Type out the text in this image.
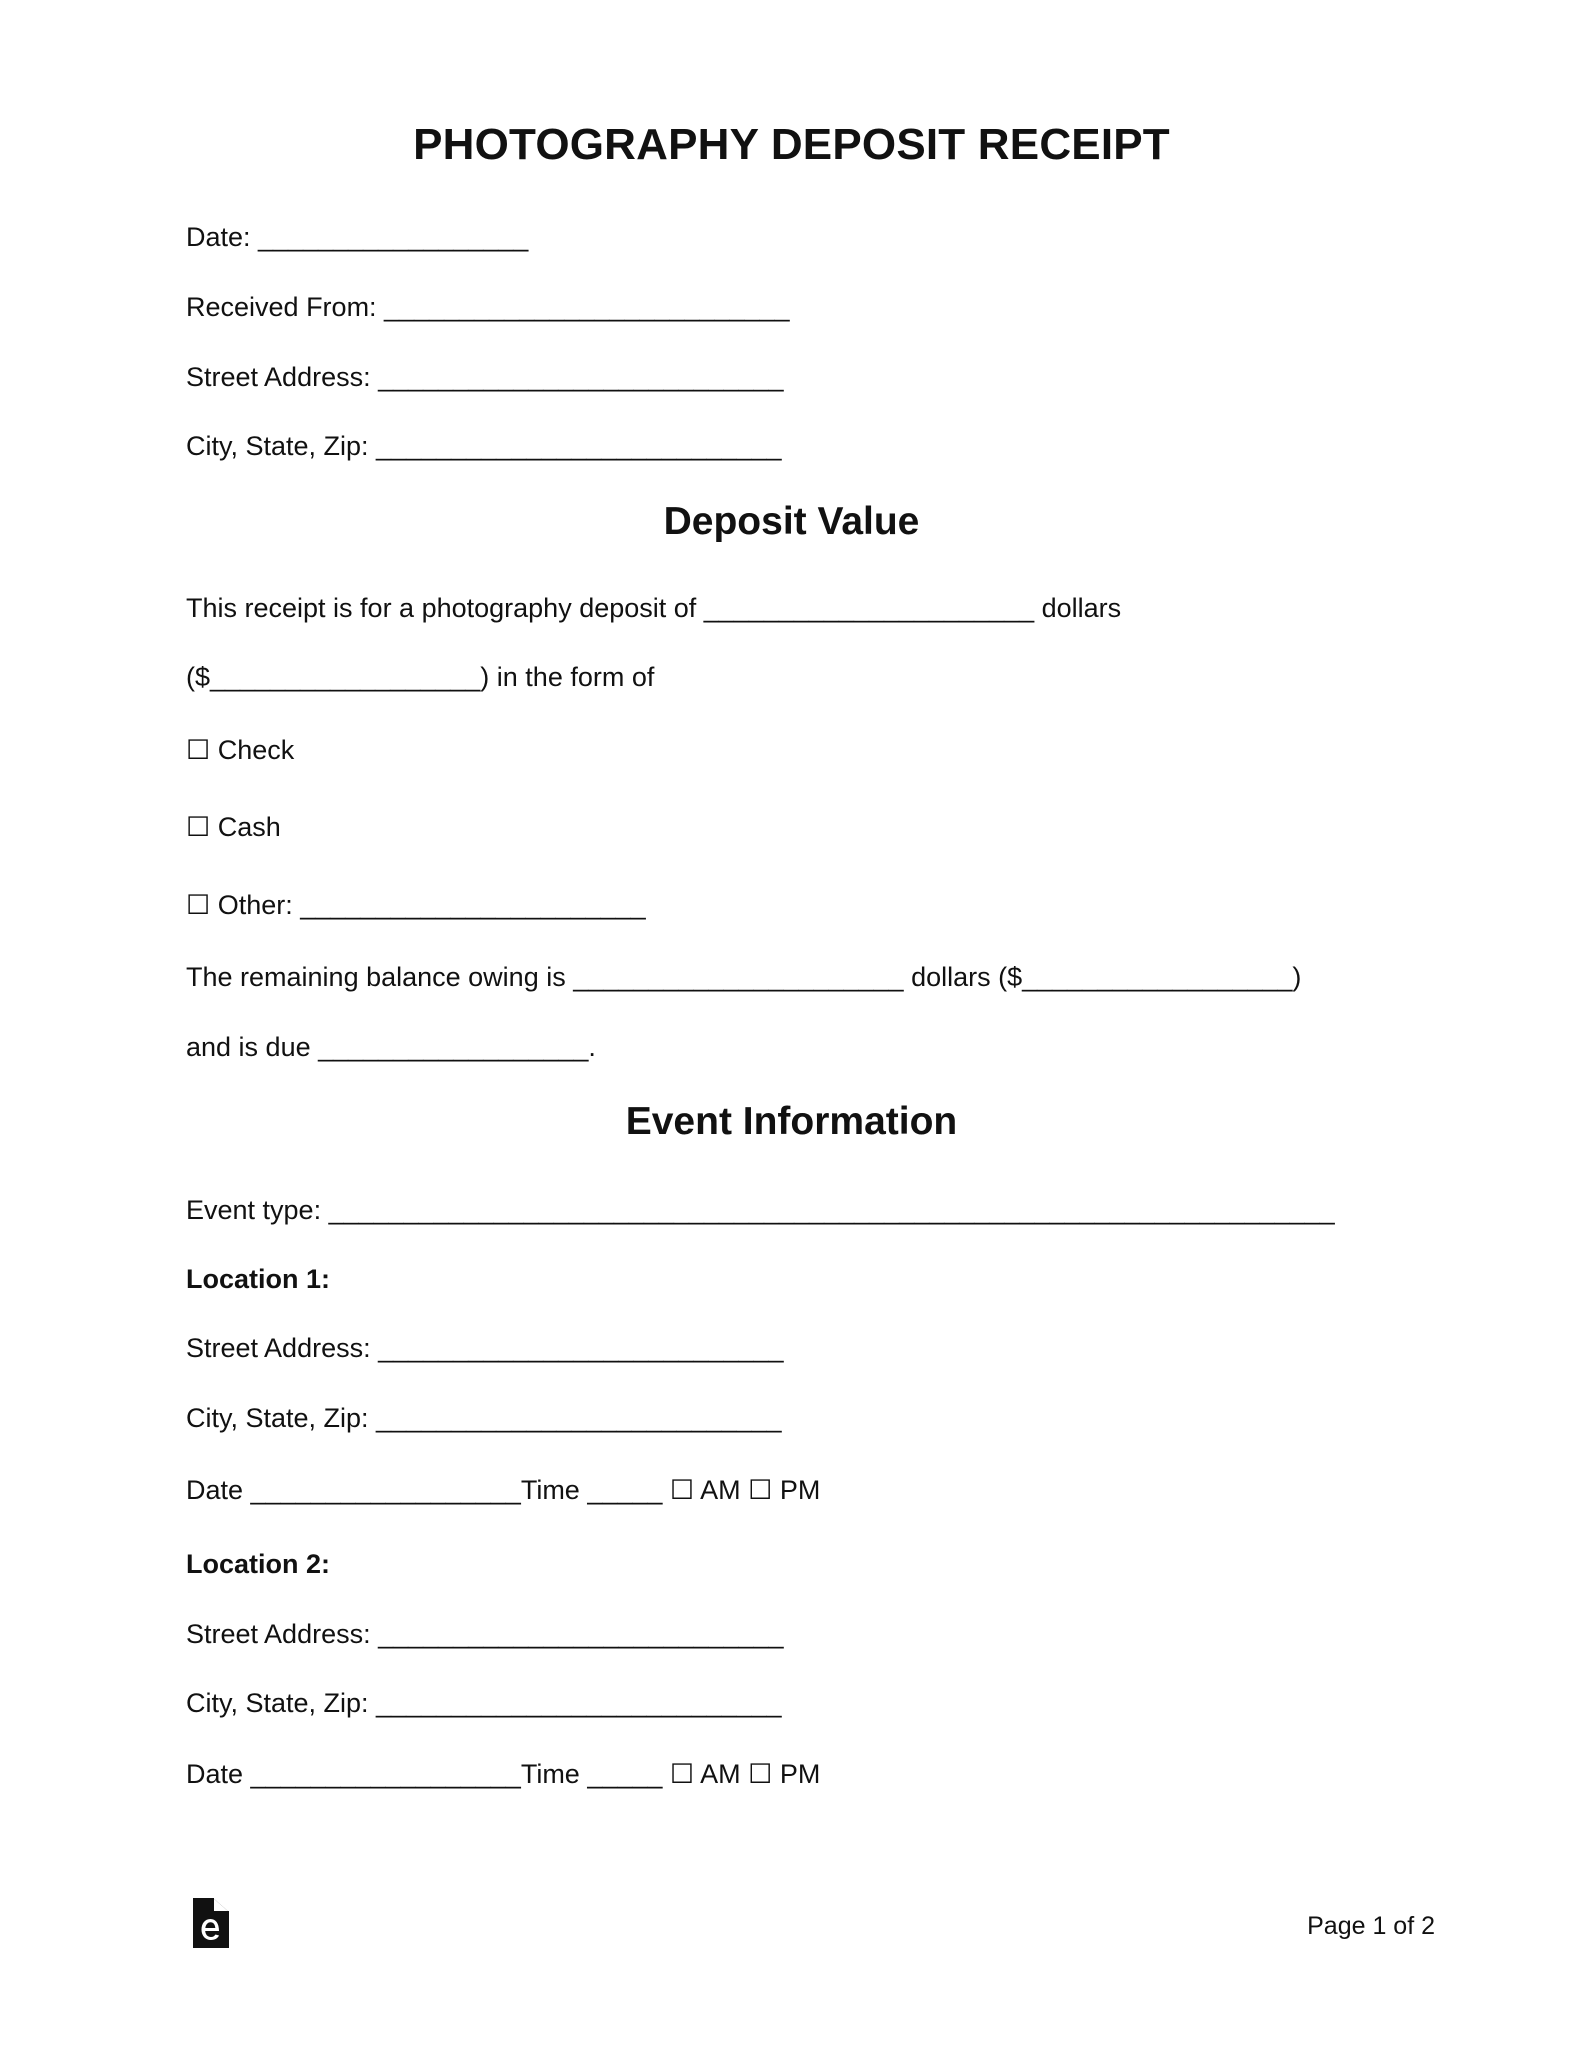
PHOTOGRAPHY DEPOSIT RECEIPT
Date: __________________
Received From: ___________________________
Street Address: ___________________________
City, State, Zip: ___________________________
Deposit Value
This receipt is for a photography deposit of ______________________ dollars
($__________________) in the form of
☐ Check
☐ Cash
☐ Other: _______________________
The remaining balance owing is ______________________ dollars ($__________________)
and is due __________________.
Event Information
Event type: ___________________________________________________________________
Location 1:
Street Address: ___________________________
City, State, Zip: ___________________________
Date __________________Time _____ ☐ AM ☐ PM
Location 2:
Street Address: ___________________________
City, State, Zip: ___________________________
Date __________________Time _____ ☐ AM ☐ PM
Page 1 of 2
